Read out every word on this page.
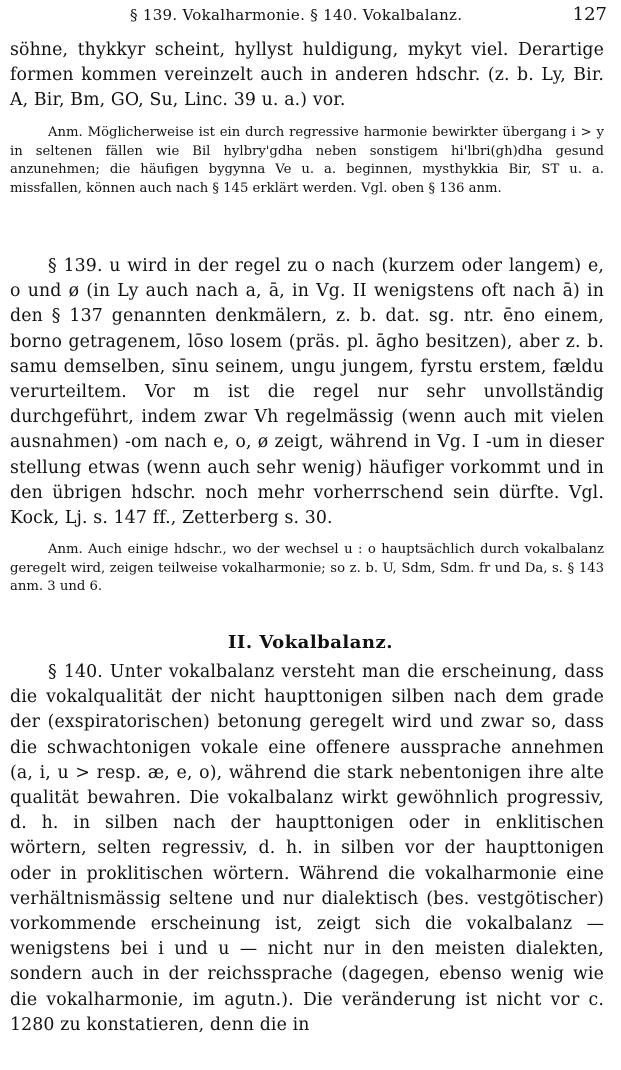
§ 139. Vokalharmonie. § 140. Vokalbalanz.	127

söhne, thykkyr scheint, hyllyst huldigung, mykyt viel. Derartige formen kommen vereinzelt auch in anderen hdschr. (z. b. Ly, Bir. A, Bir, Bm, GO, Su, Linc. 39 u. a.) vor.

Anm. Möglicherweise ist ein durch regressive harmonie bewirkter übergang i > y in seltenen fällen wie Bil hylbry'gdha neben sonstigem hi'lbri(gh)dha gesund anzunehmen; die häufigen bygynna Ve u. a. beginnen, mysthykkia Bir, ST u. a. missfallen, können auch nach § 145 erklärt werden. Vgl. oben § 136 anm.

§ 139. u wird in der regel zu o nach (kurzem oder langem) e, o und ø (in Ly auch nach a, ā, in Vg. II wenigstens oft nach ā) in den § 137 genannten denkmälern, z. b. dat. sg. ntr. ēno einem, borno getragenem, lōso losem (präs. pl. āgho besitzen), aber z. b. samu demselben, sīnu seinem, ungu jungem, fyrstu erstem, fældu verurteiltem. Vor m ist die regel nur sehr unvollständig durchgeführt, indem zwar Vh regelmässig (wenn auch mit vielen ausnahmen) -om nach e, o, ø zeigt, während in Vg. I -um in dieser stellung etwas (wenn auch sehr wenig) häufiger vorkommt und in den übrigen hdschr. noch mehr vorherrschend sein dürfte. Vgl. Kock, Lj. s. 147 ff., Zetterberg s. 30.

Anm. Auch einige hdschr., wo der wechsel u : o hauptsächlich durch vokalbalanz geregelt wird, zeigen teilweise vokalharmonie; so z. b. U, Sdm, Sdm. fr und Da, s. § 143 anm. 3 und 6.

II. Vokalbalanz.

§ 140. Unter vokalbalanz versteht man die erscheinung, dass die vokalqualität der nicht haupttonigen silben nach dem grade der (exspiratorischen) betonung geregelt wird und zwar so, dass die schwachtonigen vokale eine offenere aussprache annehmen (a, i, u > resp. æ, e, o), während die stark nebentonigen ihre alte qualität bewahren. Die vokalbalanz wirkt gewöhnlich progressiv, d. h. in silben nach der haupttonigen oder in enklitischen wörtern, selten regressiv, d. h. in silben vor der haupttonigen oder in proklitischen wörtern. Während die vokalharmonie eine verhältnismässig seltene und nur dialektisch (bes. vestgötischer) vorkommende erscheinung ist, zeigt sich die vokalbalanz — wenigstens bei i und u — nicht nur in den meisten dialekten, sondern auch in der reichssprache (dagegen, ebenso wenig wie die vokalharmonie, im agutn.). Die veränderung ist nicht vor c. 1280 zu konstatieren, denn die in
